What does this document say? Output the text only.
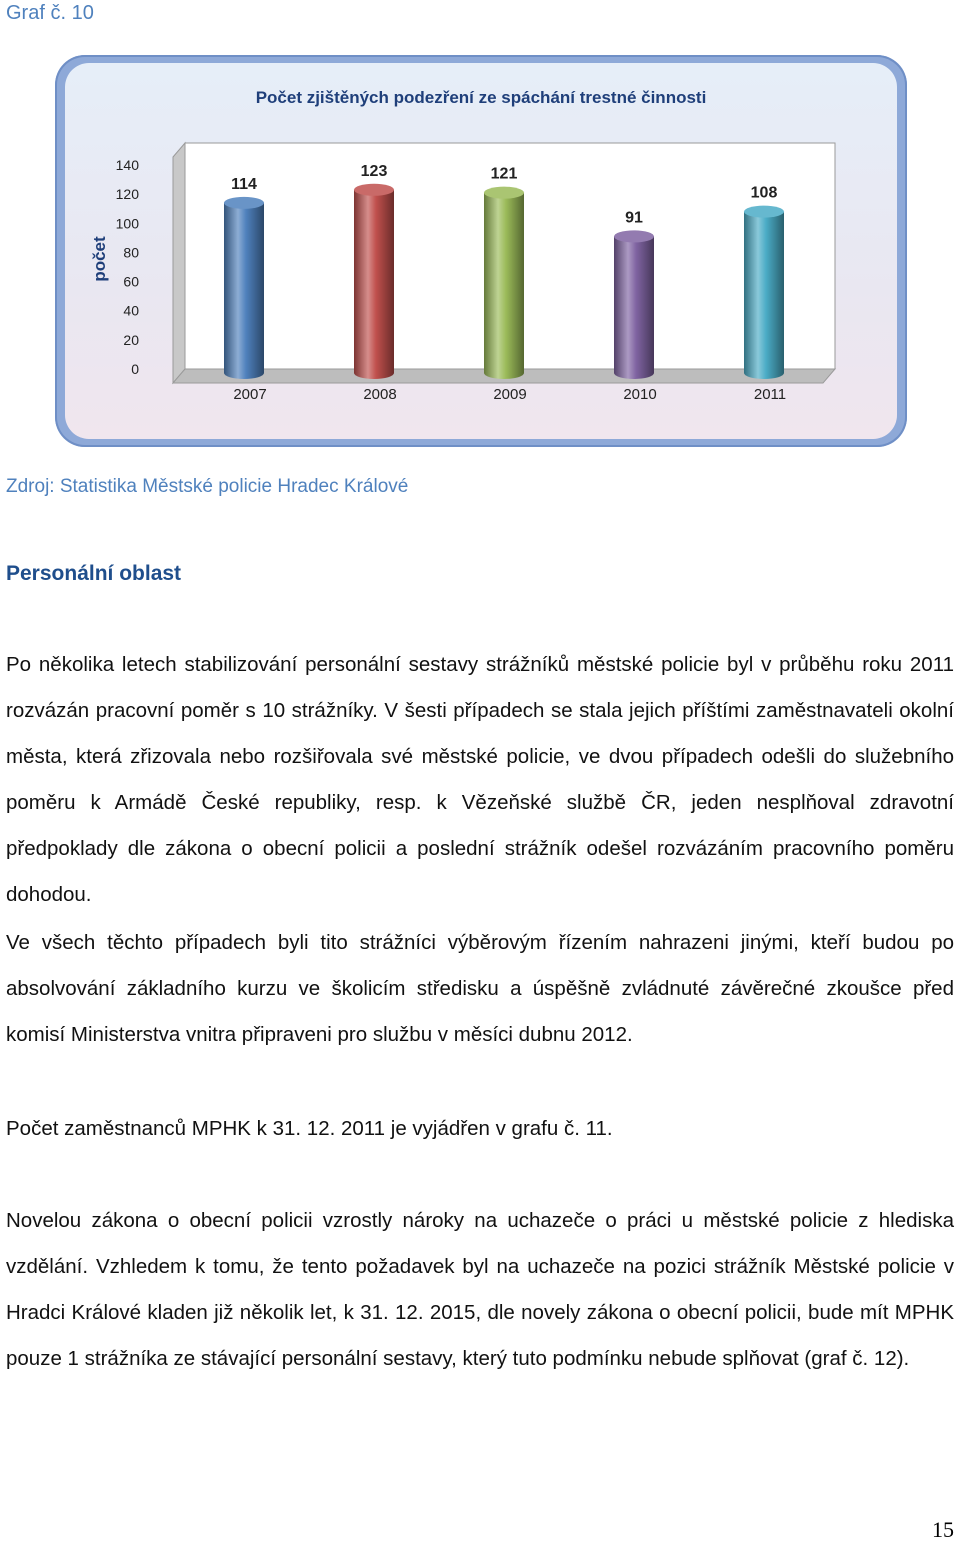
Graf č. 10
Počet zjištěných podezření ze spáchání trestné činnosti
počet
0
20
40
60
80
100
120
140
114
2007
123
2008
121
2009
91
2010
108
2011
Zdroj: Statistika Městské policie Hradec Králové
Personální oblast
Po několika letech stabilizování personální sestavy strážníků městské policie byl v průběhu roku 2011 rozvázán pracovní poměr s 10 strážníky. V šesti případech se stala jejich příštími zaměstnavateli okolní města, která zřizovala nebo rozšiřovala své městské policie, ve dvou případech odešli do služebního poměru k Armádě České republiky, resp. k Vězeňské službě ČR, jeden nesplňoval zdravotní předpoklady dle zákona o obecní policii a poslední strážník odešel rozvázáním pracovního poměru dohodou.
Ve všech těchto případech byli tito strážníci výběrovým řízením nahrazeni jinými, kteří budou po absolvování základního kurzu ve školicím středisku a úspěšně zvládnuté závěrečné zkoušce před komisí Ministerstva vnitra připraveni pro službu v měsíci dubnu 2012.
Počet zaměstnanců MPHK k 31. 12. 2011 je vyjádřen v grafu č. 11.
Novelou zákona o obecní policii vzrostly nároky na uchazeče o práci u městské policie z hlediska vzdělání. Vzhledem k tomu, že tento požadavek byl na uchazeče na pozici strážník Městské policie v Hradci Králové kladen již několik let, k 31. 12. 2015, dle novely zákona o obecní policii, bude mít MPHK pouze 1 strážníka ze stávající personální sestavy, který tuto podmínku nebude splňovat (graf č. 12).
15
